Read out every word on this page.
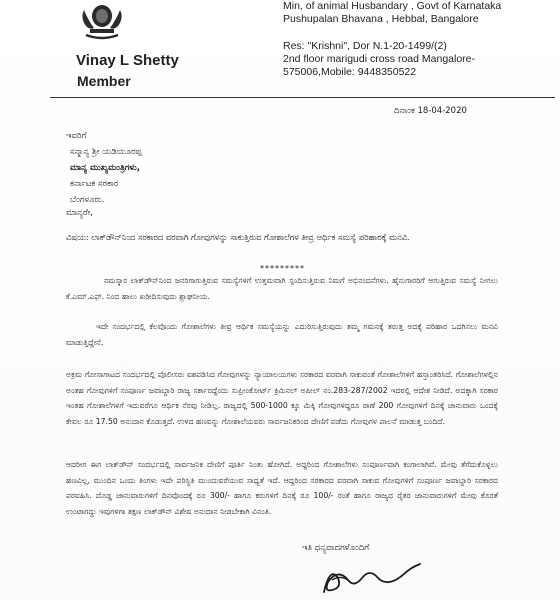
Vinay L Shetty
Member
Min, of animal Husbandary , Govt of Karnataka
Pushupalan Bhavana , Hebbal, Bangalore
Res: "Krishni", Dor N.1-20-1499/(2)
2nd floor marigudi cross road Mangalore-
575006,Mobile: 9448350522
ದಿನಾಂಕ 18-04-2020
ಇವರಿಗೆ
ಸನ್ಮಾನ್ಯ ಶ್ರೀ ಯಡಿಯೂರಪ್ಪ
ಮಾನ್ಯ ಮುಖ್ಯಮಂತ್ರಿಗಳು,
ಕರ್ನಾಟಕ ಸರಕಾರ
ಬೆಂಗಳೂರು.
ಮಾನ್ಯರೇ,
ವಿಷಯ: ಲಾಕ್‌ಡೌನ್‌ನಿಂದ ಸರಕಾರದ ವರವಾಗಿ ಗೋವುಗಳನ್ನು ಸಾಕುತ್ತಿರುವ ಗೋಶಾಲೆಗಳ ತೀವ್ರ ಆರ್ಥಿಕ ಸಮಸ್ಯೆ ಪರಿಹಾರಕ್ಕೆ ಮನವಿ.
*********
ನಮಸ್ಕಾರ ಲಾಕ್‌ಡೌನ್‌ನಿಂದ ಜನರಿಗಾಗುತ್ತಿರುವ ಸಮಸ್ಯೆಗಳಿಗೆ ಉತ್ತಮವಾಗಿ ಸ್ಪಂದಿಸುತ್ತಿರುವ ನಿಮಗೆ ಅಭಿನಂದನೆಗಳು. ಹೈನುಗಾರರಿಗೆ ಆಗುತ್ತಿರುವ ಸಮಸ್ಯೆ ನೀಗಲು ಕೆ.ಎಮ್.ಎಫ್. ನಿಂದ ಹಾಲು ಖರೀದಿಸುವುದು ಶ್ಲಾಘನೀಯ.
ಇದೇ ಸಂದರ್ಭದಲ್ಲಿ ಕೆಲವೊಂದು ಗೋಶಾಲೆಗಳು ತೀವ್ರ ಆರ್ಥಿಕ ಸಮಸ್ಯೆಯನ್ನು ಎದುರಿಸುತ್ತಿರುವುದು ತಮ್ಮ ಗಮನಕ್ಕೆ ತರುತ್ತ ಅದಕ್ಕೆ ಪರಿಹಾರ ಒದಗಿಸಲು ಮನವಿ ಮಾಡುತ್ತಿದ್ದೇನೆ.
ಅಕ್ರಮ ಗೋಸಾಗಾಟದ ಸಂದರ್ಭದಲ್ಲಿ ಪೊಲೀಸರು ವಶಪಡಿಸಿದ ಗೋವುಗಳನ್ನು ನ್ಯಾಯಾಲಯಗಳು ಸರಕಾರದ ವರವಾಗಿ ಸಾಕುವಂತೆ ಗೋಶಾಲೆಗಳಿಗೆ ಹಸ್ತಾಂತರಿಸಿದೆ. ಗೋಶಾಲೆಗಳಲ್ಲಿನ ಅಂತಹ ಗೋವುಗಳಿಗೆ ಸಂಪೂರ್ಣ ಜವಾಬ್ದಾರಿ ರಾಜ್ಯ ಸರ್ಕಾರದ್ದೆಂದು ಸುಪ್ರೀಂಕೋರ್ಟ್ ಕ್ರಿಮಿನಲ್ ಅಪೀಲ್ ನಂ.283-287/2002 ಇದರಲ್ಲಿ ಆದೇಶ ನೀಡಿದೆ. ಅದಕ್ಕಾಗಿ ಸರಕಾರ ಇಂತಹ ಗೋಶಾಲೆಗಳಿಗೆ ಇದುವರೆಗೂ ಆರ್ಥಿಕ ನೆರವು ನೀಡಿಲ್ಲ. ರಾಜ್ಯದಲ್ಲಿ 500-1000 ಕ್ಕೂ ಮಿಕ್ಕಿ ಗೋವುಗಳಿದ್ದರೂ ಠಾಣೆ 200 ಗೋವುಗಳಿಗೆ ದಿನಕ್ಕೆ ಜಾನುವಾರು ಒಂದಕ್ಕೆ ಕೇವಲ ರೂ 17.50 ಅನುದಾನ ಕೊಡುತ್ತದೆ. ಉಳಿದ ಹಣವನ್ನು ಗೋಶಾಲೆಯವರು ಸಾರ್ವಜನಿಕರಿಂದ ದೇಣಿಗೆ ಪಡೆದು ಗೋವುಗಳ ಪಾಲನೆ ಮಾಡುತ್ತ ಬಂದಿದೆ.
ಆದರೀಗ ಈಗ ಲಾಕ್‌ಡೌನ್ ಸಂದರ್ಭದಲ್ಲಿ ಸಾರ್ವಜನಿಕ ದೇಣಿಗೆ ಪೂರ್ತಿ ನಿಂತು ಹೋಗಿದೆ. ಅದ್ದರಿಂದ ಗೋಶಾಲೆಗಳು ಸಂಪೂರ್ಣವಾಗಿ ಕಂಗಾಲಾಗಿವೆ. ಮೇವು ತೆಗೆದುಕೊಳ್ಳಲು ಹಣವಿಲ್ಲ, ಮುಂದಿನ ಒಂದು ತಿಂಗಳು ಇದೇ ಪರಿಸ್ಥಿತಿ ಮುಂದುವರೆಯುವ ಸಾಧ್ಯತೆ ಇದೆ. ಆದ್ದರಿಂದ ಸರಕಾರದ ವರವಾಗಿ ಸಾಕುವ ಗೋವುಗಳಿಗೆ ಸಂಪೂರ್ಣ ಜವಾಬ್ದಾರಿ ಸರಕಾರದ ಪರವಹಿಸಿ. ದೊಡ್ಡ ಜಾನುವಾರುಗಳಿಗೆ ದಿನವೊಂದಕ್ಕೆ ರೂ 300/- ಹಾಗೂ ಕರುಗಳಿಗೆ ದಿನಕ್ಕೆ ರೂ 100/- ರಂತೆ ಹಾಗೂ ರಾಜ್ಯದ ರೈತರ ಜಾನುವಾರುಗಳಿಗೆ ಮೇವು ಕೊರತೆ ಉಂಟಾಗದ್ದು ಇವುಗಳಿಗಾ ತಕ್ಷಣ ಲಾಕ್‌ಡೌನ್ ವಿಶೇಷ ಅನುದಾನ ನೀಡಬೇಕಾಗಿ ವಿನಂತಿ.
ಇತಿ ಧನ್ಯವಾದಗಳೊಂದಿಗೆ
